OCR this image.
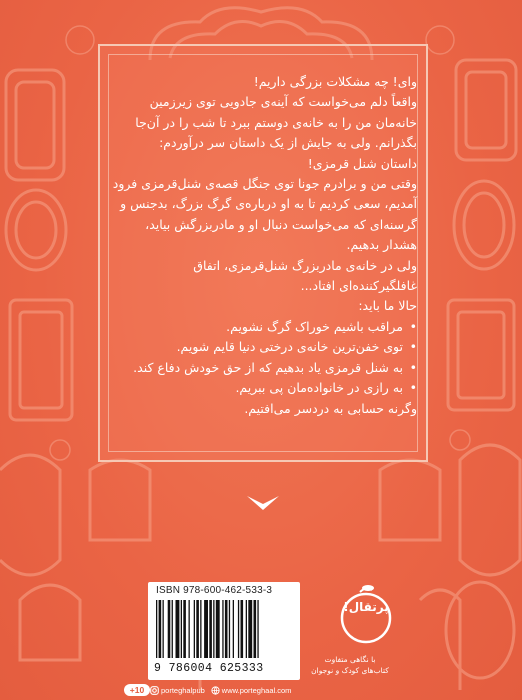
وای! چه مشکلات بزرگی داریم!

واقعاً دلم می‌خواست که آینه‌ی جادویی توی زیرزمین خانه‌مان من را به خانه‌ی دوستم ببرد تا شب را در آن‌جا بگذرانم. ولی به جایش از یک داستان سر درآوردم:

داستان شنل قرمزی!

وقتی من و برادرم جونا توی جنگل قصه‌ی شنل‌قرمزی فرود آمدیم، سعی کردیم تا به او درباره‌ی گرگ بزرگ، بدجنس و گرسنه‌ای که می‌خواست دنبال او و مادربزرگش بیاید، هشدار بدهیم.

ولی در خانه‌ی مادربزرگ شنل‌قرمزی، اتفاق غافلگیرکننده‌ای افتاد...

حالا ما باید:

•مراقب باشیم خوراک گرگ نشویم.
•توی خفن‌ترین خانه‌ی درختی دنیا قایم شویم.
•به شنل قرمزی یاد بدهیم که از حق خودش دفاع کند.
•به رازی در خانواده‌مان پی ببریم.

وگرنه حسابی به دردسر می‌افتیم.

ISBN 978-600-462-533-3
9 786004 625333
+10	porteghalpub www.porteghaal.com
پرتقال!
با نگاهی متفاوت
کتاب‌های کودک و نوجوان
